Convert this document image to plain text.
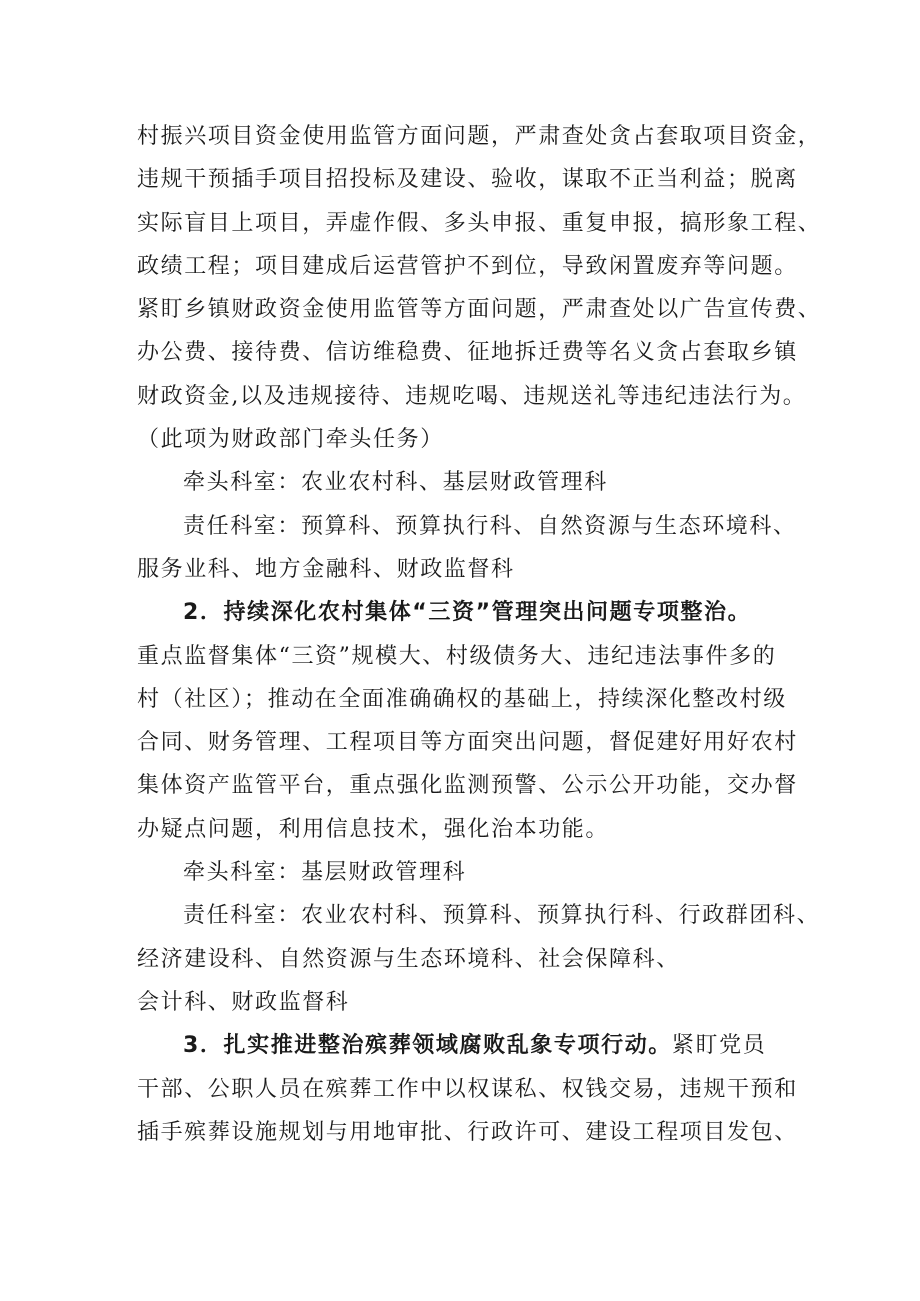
村振兴项目资金使用监管方面问题，严肃查处贪占套取项目资金，
违规干预插手项目招投标及建设、验收，谋取不正当利益；脱离
实际盲目上项目，弄虚作假、多头申报、重复申报，搞形象工程、
政绩工程；项目建成后运营管护不到位，导致闲置废弃等问题。
紧盯乡镇财政资金使用监管等方面问题，严肃查处以广告宣传费、
办公费、接待费、信访维稳费、征地拆迁费等名义贪占套取乡镇
财政资金,以及违规接待、违规吃喝、违规送礼等违纪违法行为。
（此项为财政部门牵头任务）
牵头科室：农业农村科、基层财政管理科
责任科室：预算科、预算执行科、自然资源与生态环境科、
服务业科、地方金融科、财政监督科
2．持续深化农村集体“三资”管理突出问题专项整治。
重点监督集体“三资”规模大、村级债务大、违纪违法事件多的
村（社区）；推动在全面准确确权的基础上，持续深化整改村级
合同、财务管理、工程项目等方面突出问题，督促建好用好农村
集体资产监管平台，重点强化监测预警、公示公开功能，交办督
办疑点问题，利用信息技术，强化治本功能。
牵头科室：基层财政管理科
责任科室：农业农村科、预算科、预算执行科、行政群团科、
经济建设科、自然资源与生态环境科、社会保障科、
会计科、财政监督科
3．扎实推进整治殡葬领域腐败乱象专项行动。紧盯党员
干部、公职人员在殡葬工作中以权谋私、权钱交易，违规干预和
插手殡葬设施规划与用地审批、行政许可、建设工程项目发包、
